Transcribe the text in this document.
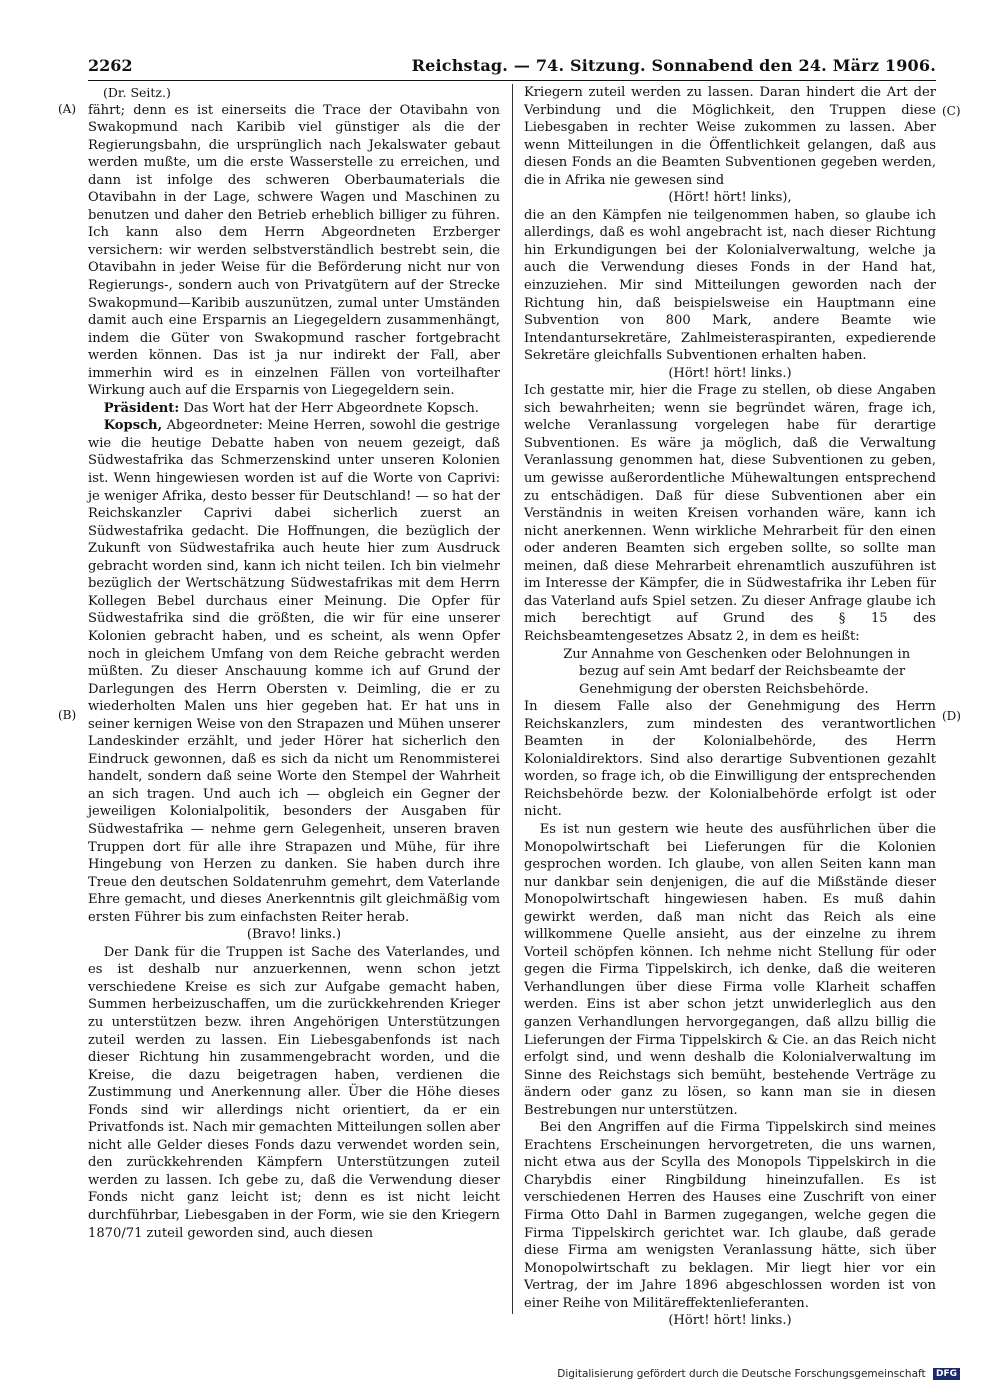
2262	Reichstag. — 74. Sitzung. Sonnabend den 24. März 1906.
(A)
(B)
(C)
(D)

(Dr. Seitz.)

fährt; denn es ist einerseits die Trace der Otavibahn von Swakopmund nach Karibib viel günstiger als die der Regierungsbahn, die ursprünglich nach Jekalswater gebaut werden mußte, um die erste Wasserstelle zu erreichen, und dann ist infolge des schweren Oberbaumaterials die Otavibahn in der Lage, schwere Wagen und Maschinen zu benutzen und daher den Betrieb erheblich billiger zu führen. Ich kann also dem Herrn Abgeordneten Erzberger versichern: wir werden selbstverständlich bestrebt sein, die Otavibahn in jeder Weise für die Beförderung nicht nur von Regierungs-, sondern auch von Privatgütern auf der Strecke Swakopmund—Karibib auszunützen, zumal unter Umständen damit auch eine Ersparnis an Liegegeldern zusammenhängt, indem die Güter von Swakopmund rascher fortgebracht werden können. Das ist ja nur indirekt der Fall, aber immerhin wird es in einzelnen Fällen von vorteilhafter Wirkung auch auf die Ersparnis von Liegegeldern sein.

Präsident: Das Wort hat der Herr Abgeordnete Kopsch.

Kopsch, Abgeordneter: Meine Herren, sowohl die gestrige wie die heutige Debatte haben von neuem gezeigt, daß Südwestafrika das Schmerzenskind unter unseren Kolonien ist. Wenn hingewiesen worden ist auf die Worte von Caprivi: je weniger Afrika, desto besser für Deutschland! — so hat der Reichskanzler Caprivi dabei sicherlich zuerst an Südwestafrika gedacht. Die Hoffnungen, die bezüglich der Zukunft von Südwestafrika auch heute hier zum Ausdruck gebracht worden sind, kann ich nicht teilen. Ich bin vielmehr bezüglich der Wertschätzung Südwestafrikas mit dem Herrn Kollegen Bebel durchaus einer Meinung. Die Opfer für Südwestafrika sind die größten, die wir für eine unserer Kolonien gebracht haben, und es scheint, als wenn Opfer noch in gleichem Umfang von dem Reiche gebracht werden müßten. Zu dieser Anschauung komme ich auf Grund der Darlegungen des Herrn Obersten v. Deimling, die er zu wiederholten Malen uns hier gegeben hat. Er hat uns in seiner kernigen Weise von den Strapazen und Mühen unserer Landeskinder erzählt, und jeder Hörer hat sicherlich den Eindruck gewonnen, daß es sich da nicht um Renommisterei handelt, sondern daß seine Worte den Stempel der Wahrheit an sich tragen. Und auch ich — obgleich ein Gegner der jeweiligen Kolonialpolitik, besonders der Ausgaben für Südwestafrika — nehme gern Gelegenheit, unseren braven Truppen dort für alle ihre Strapazen und Mühe, für ihre Hingebung von Herzen zu danken. Sie haben durch ihre Treue den deutschen Soldatenruhm gemehrt, dem Vaterlande Ehre gemacht, und dieses Anerkenntnis gilt gleichmäßig vom ersten Führer bis zum einfachsten Reiter herab.

(Bravo! links.)

Der Dank für die Truppen ist Sache des Vaterlandes, und es ist deshalb nur anzuerkennen, wenn schon jetzt verschiedene Kreise es sich zur Aufgabe gemacht haben, Summen herbeizuschaffen, um die zurückkehrenden Krieger zu unterstützen bezw. ihren Angehörigen Unterstützungen zuteil werden zu lassen. Ein Liebesgabenfonds ist nach dieser Richtung hin zusammengebracht worden, und die Kreise, die dazu beigetragen haben, verdienen die Zustimmung und Anerkennung aller. Über die Höhe dieses Fonds sind wir allerdings nicht orientiert, da er ein Privatfonds ist. Nach mir gemachten Mitteilungen sollen aber nicht alle Gelder dieses Fonds dazu verwendet worden sein, den zurückkehrenden Kämpfern Unterstützungen zuteil werden zu lassen. Ich gebe zu, daß die Verwendung dieser Fonds nicht ganz leicht ist; denn es ist nicht leicht durchführbar, Liebesgaben in der Form, wie sie den Kriegern 1870/71 zuteil geworden sind, auch diesen

Kriegern zuteil werden zu lassen. Daran hindert die Art der Verbindung und die Möglichkeit, den Truppen diese Liebesgaben in rechter Weise zukommen zu lassen. Aber wenn Mitteilungen in die Öffentlichkeit gelangen, daß aus diesen Fonds an die Beamten Subventionen gegeben werden, die in Afrika nie gewesen sind

(Hört! hört! links),

die an den Kämpfen nie teilgenommen haben, so glaube ich allerdings, daß es wohl angebracht ist, nach dieser Richtung hin Erkundigungen bei der Kolonialverwaltung, welche ja auch die Verwendung dieses Fonds in der Hand hat, einzuziehen. Mir sind Mitteilungen geworden nach der Richtung hin, daß beispielsweise ein Hauptmann eine Subvention von 800 Mark, andere Beamte wie Intendantursekretäre, Zahlmeisteraspiranten, expedierende Sekretäre gleichfalls Subventionen erhalten haben.

(Hört! hört! links.)

Ich gestatte mir, hier die Frage zu stellen, ob diese Angaben sich bewahrheiten; wenn sie begründet wären, frage ich, welche Veranlassung vorgelegen habe für derartige Subventionen. Es wäre ja möglich, daß die Verwaltung Veranlassung genommen hat, diese Subventionen zu geben, um gewisse außerordentliche Mühewaltungen entsprechend zu entschädigen. Daß für diese Subventionen aber ein Verständnis in weiten Kreisen vorhanden wäre, kann ich nicht anerkennen. Wenn wirkliche Mehrarbeit für den einen oder anderen Beamten sich ergeben sollte, so sollte man meinen, daß diese Mehrarbeit ehrenamtlich auszuführen ist im Interesse der Kämpfer, die in Südwestafrika ihr Leben für das Vaterland aufs Spiel setzen. Zu dieser Anfrage glaube ich mich berechtigt auf Grund des § 15 des Reichsbeamtengesetzes Absatz 2, in dem es heißt:

Zur Annahme von Geschenken oder Belohnungen in bezug auf sein Amt bedarf der Reichsbeamte der Genehmigung der obersten Reichsbehörde.

In diesem Falle also der Genehmigung des Herrn Reichskanzlers, zum mindesten des verantwortlichen Beamten in der Kolonialbehörde, des Herrn Kolonialdirektors. Sind also derartige Subventionen gezahlt worden, so frage ich, ob die Einwilligung der entsprechenden Reichsbehörde bezw. der Kolonialbehörde erfolgt ist oder nicht.

Es ist nun gestern wie heute des ausführlichen über die Monopolwirtschaft bei Lieferungen für die Kolonien gesprochen worden. Ich glaube, von allen Seiten kann man nur dankbar sein denjenigen, die auf die Mißstände dieser Monopolwirtschaft hingewiesen haben. Es muß dahin gewirkt werden, daß man nicht das Reich als eine willkommene Quelle ansieht, aus der einzelne zu ihrem Vorteil schöpfen können. Ich nehme nicht Stellung für oder gegen die Firma Tippelskirch, ich denke, daß die weiteren Verhandlungen über diese Firma volle Klarheit schaffen werden. Eins ist aber schon jetzt unwiderleglich aus den ganzen Verhandlungen hervorgegangen, daß allzu billig die Lieferungen der Firma Tippelskirch & Cie. an das Reich nicht erfolgt sind, und wenn deshalb die Kolonialverwaltung im Sinne des Reichstags sich bemüht, bestehende Verträge zu ändern oder ganz zu lösen, so kann man sie in diesen Bestrebungen nur unterstützen.

Bei den Angriffen auf die Firma Tippelskirch sind meines Erachtens Erscheinungen hervorgetreten, die uns warnen, nicht etwa aus der Scylla des Monopols Tippelskirch in die Charybdis einer Ringbildung hineinzufallen. Es ist verschiedenen Herren des Hauses eine Zuschrift von einer Firma Otto Dahl in Barmen zugegangen, welche gegen die Firma Tippelskirch gerichtet war. Ich glaube, daß gerade diese Firma am wenigsten Veranlassung hätte, sich über Monopolwirtschaft zu beklagen. Mir liegt hier vor ein Vertrag, der im Jahre 1896 abgeschlossen worden ist von einer Reihe von Militäreffektenlieferanten.

(Hört! hört! links.)

Digitalisierung gefördert durch die Deutsche Forschungsgemeinschaft DFG
